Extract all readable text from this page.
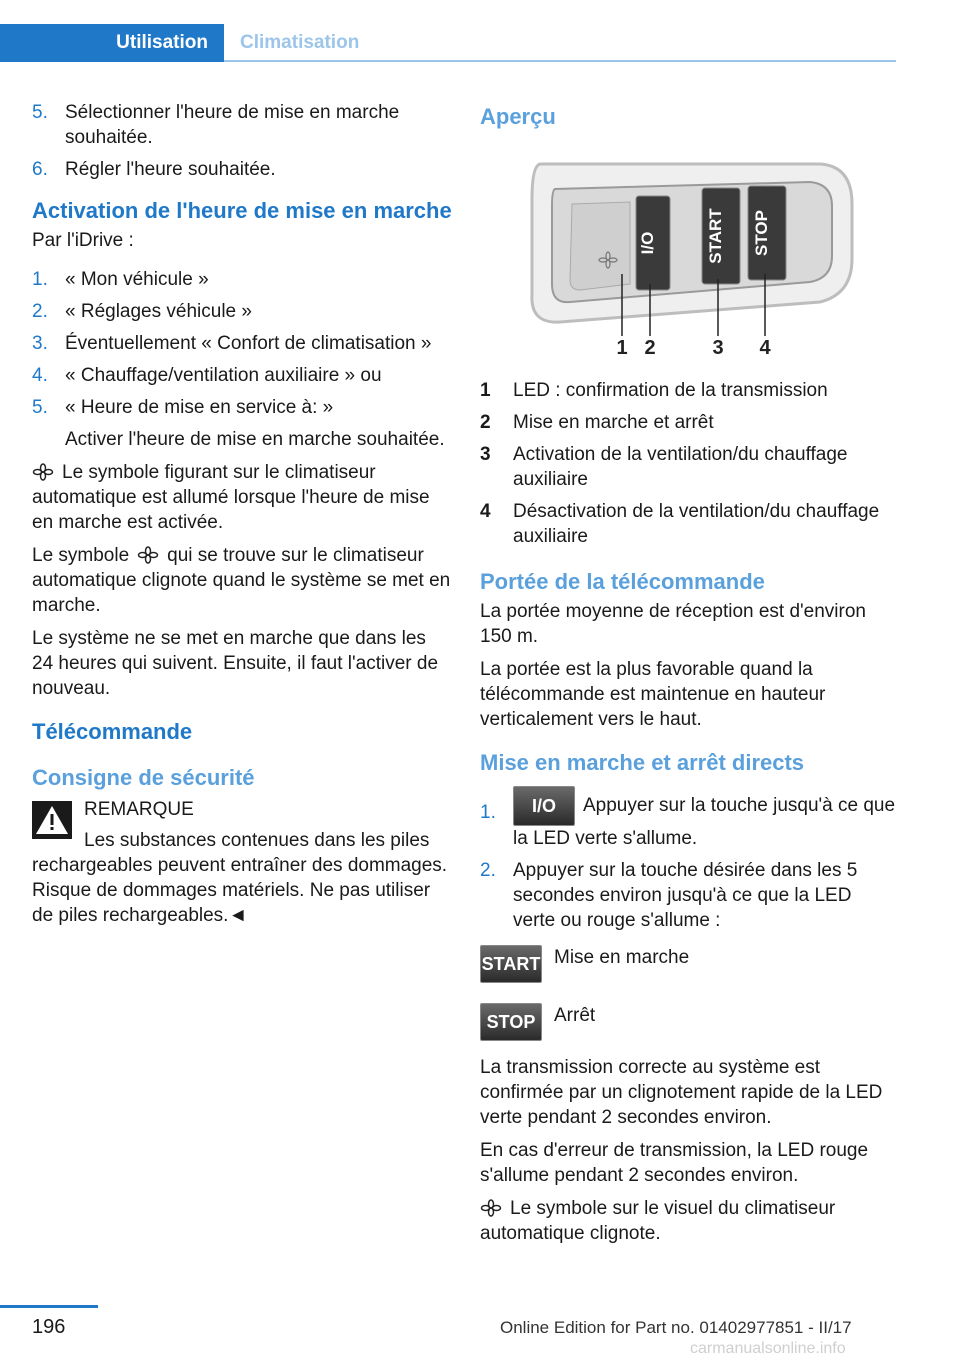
Utilisation	Climatisation
5. Sélectionner l'heure de mise en marche souhaitée.
6. Régler l'heure souhaitée.
Activation de l'heure de mise en marche

Par l'iDrive :

1. « Mon véhicule »
2. « Réglages véhicule »
3. Éventuellement « Confort de climatisation »
4. « Chauffage/ventilation auxiliaire » ou
5. « Heure de mise en service à: »

Activer l'heure de mise en marche souhaitée.

Le symbole figurant sur le climatiseur automatique est allumé lorsque l'heure de mise en marche est activée.

Le symbole qui se trouve sur le climatiseur automatique clignote quand le système se met en marche.

Le système ne se met en marche que dans les 24 heures qui suivent. Ensuite, il faut l'activer de nouveau.

Télécommande
Consigne de sécurité
REMARQUE

Les substances contenues dans les piles rechargeables peuvent entraîner des dommages. Risque de dommages matériels. Ne pas utiliser de piles rechargeables.◄

Aperçu
I/O	START STOP
1 2	3 4
1	LED : confirmation de la transmission
2	Mise en marche et arrêt
3	Activation de la ventilation/du chauffage auxiliaire
4	Désactivation de la ventilation/du chauffage auxiliaire
Portée de la télécommande

La portée moyenne de réception est d'environ 150 m.

La portée est la plus favorable quand la télécommande est maintenue en hauteur verticalement vers le haut.

Mise en marche et arrêt directs
1.	I/O Appuyer sur la touche jusqu'à ce que la LED verte s'allume.
2. Appuyer sur la touche désirée dans les 5 secondes environ jusqu'à ce que la LED verte ou rouge s'allume :
START Mise en marche
STOP Arrêt

La transmission correcte au système est confirmée par un clignotement rapide de la LED verte pendant 2 secondes environ.

En cas d'erreur de transmission, la LED rouge s'allume pendant 2 secondes environ.

Le symbole sur le visuel du climatiseur automatique clignote.

196	Online Edition for Part no. 01402977851 - II/17
carmanualsonline.info
